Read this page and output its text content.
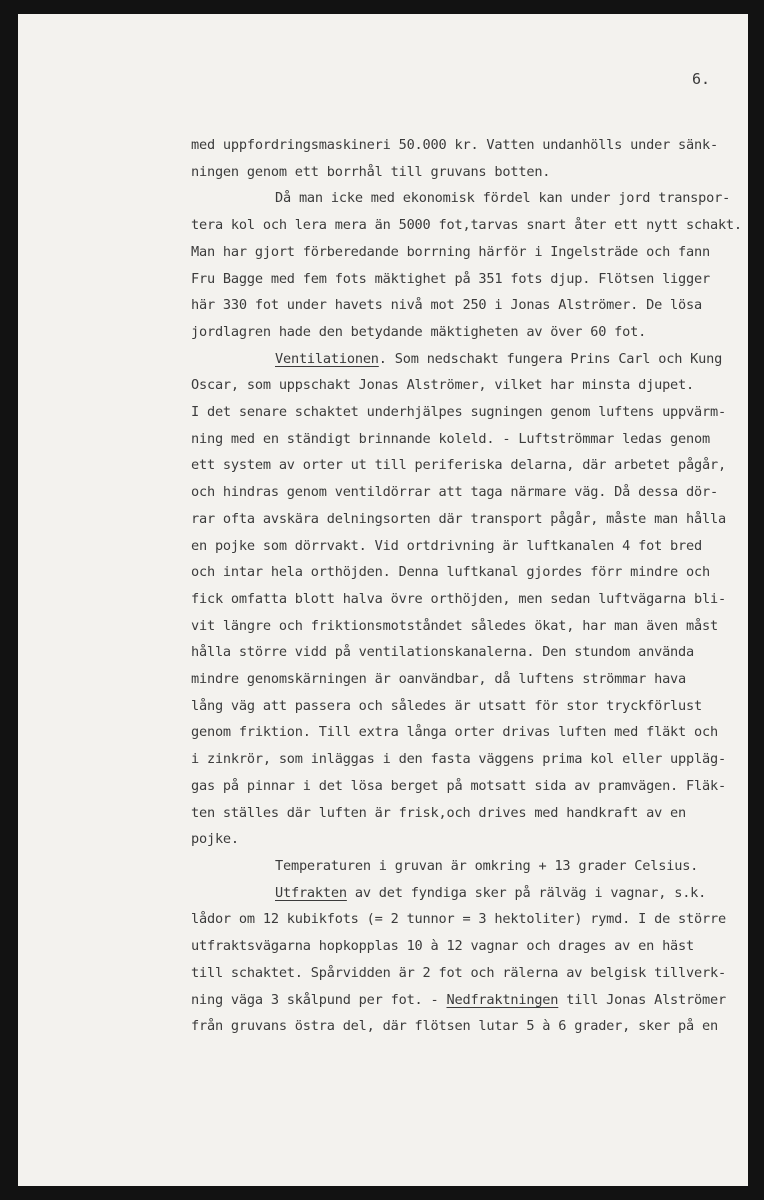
6.
med uppfordringsmaskineri 50.000 kr. Vatten undanhölls under sänk-
ningen genom ett borrhål till gruvans botten.
Då man icke med ekonomisk fördel kan under jord transpor-
tera kol och lera mera än 5000 fot,tarvas snart åter ett nytt schakt.
Man har gjort förberedande borrning härför i Ingelsträde och fann
Fru Bagge med fem fots mäktighet på 351 fots djup. Flötsen ligger
här 330 fot under havets nivå mot 250 i Jonas Alströmer. De lösa
jordlagren hade den betydande mäktigheten av över 60 fot.
Ventilationen. Som nedschakt fungera Prins Carl och Kung
Oscar, som uppschakt Jonas Alströmer, vilket har minsta djupet.
I det senare schaktet underhjälpes sugningen genom luftens uppvärm-
ning med en ständigt brinnande koleld. - Luftströmmar ledas genom
ett system av orter ut till periferiska delarna, där arbetet pågår,
och hindras genom ventildörrar att taga närmare väg. Då dessa dör-
rar ofta avskära delningsorten där transport pågår, måste man hålla
en pojke som dörrvakt. Vid ortdrivning är luftkanalen 4 fot bred
och intar hela orthöjden. Denna luftkanal gjordes förr mindre och
fick omfatta blott halva övre orthöjden, men sedan luftvägarna bli-
vit längre och friktionsmotståndet således ökat, har man även måst
hålla större vidd på ventilationskanalerna. Den stundom använda
mindre genomskärningen är oanvändbar, då luftens strömmar hava
lång väg att passera och således är utsatt för stor tryckförlust
genom friktion. Till extra långa orter drivas luften med fläkt och
i zinkrör, som inläggas i den fasta väggens prima kol eller uppläg-
gas på pinnar i det lösa berget på motsatt sida av pramvägen. Fläk-
ten ställes där luften är frisk,och drives med handkraft av en
pojke.
Temperaturen i gruvan är omkring + 13 grader Celsius.
Utfrakten av det fyndiga sker på rälväg i vagnar, s.k.
lådor om 12 kubikfots (= 2 tunnor = 3 hektoliter) rymd. I de större
utfraktsvägarna hopkopplas 10 à 12 vagnar och drages av en häst
till schaktet. Spårvidden är 2 fot och rälerna av belgisk tillverk-
ning väga 3 skålpund per fot. - Nedfraktningen till Jonas Alströmer
från gruvans östra del, där flötsen lutar 5 à 6 grader, sker på en
